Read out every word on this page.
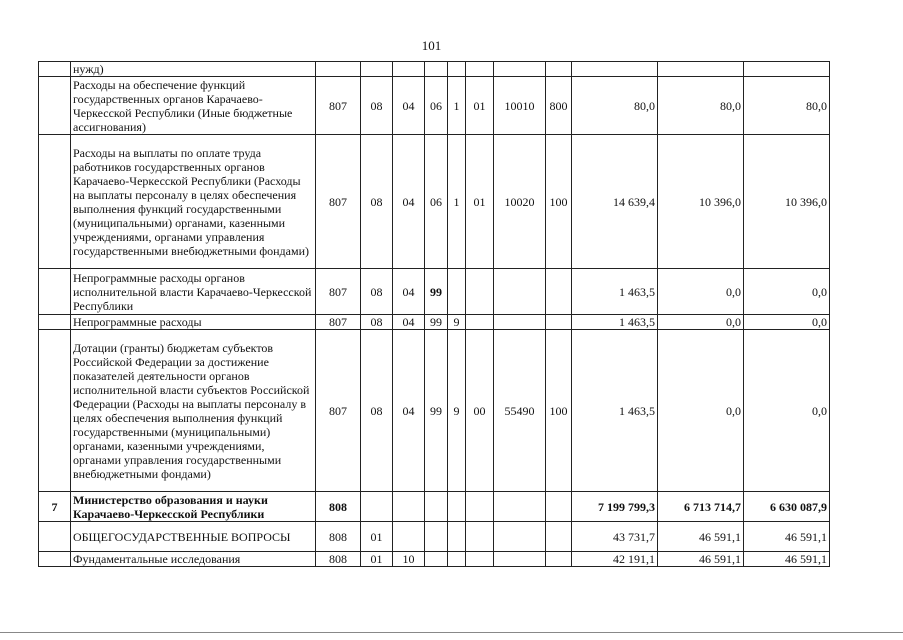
101
	нужд)											
	Расходы на обеспечение функций государственных органов Карачаево-Черкесской Республики (Иные бюджетные ассигнования)	807	08	04	06	1	01	10010	800	80,0	80,0	80,0
	Расходы на выплаты по оплате труда работников государственных органов Карачаево-Черкесской Республики (Расходы на выплаты персоналу в целях обеспечения выполнения функций государственными (муниципальными) органами, казенными учреждениями, органами управления государственными внебюджетными фондами)	807	08	04	06	1	01	10020	100	14 639,4	10 396,0	10 396,0
	Непрограммные расходы органов исполнительной власти Карачаево-Черкесской Республики	807	08	04	99					1 463,5	0,0	0,0
	Непрограммные расходы	807	08	04	99	9				1 463,5	0,0	0,0
	Дотации (гранты) бюджетам субъектов Российской Федерации за достижение показателей деятельности органов исполнительной власти субъектов Российской Федерации (Расходы на выплаты персоналу в целях обеспечения выполнения функций государственными (муниципальными) органами, казенными учреждениями, органами управления государственными внебюджетными фондами)	807	08	04	99	9	00	55490	100	1 463,5	0,0	0,0
7	Министерство образования и науки Карачаево-Черкесской Республики	808								7 199 799,3	6 713 714,7	6 630 087,9
	ОБЩЕГОСУДАРСТВЕННЫЕ ВОПРОСЫ	808	01							43 731,7	46 591,1	46 591,1
	Фундаментальные исследования	808	01	10						42 191,1	46 591,1	46 591,1
